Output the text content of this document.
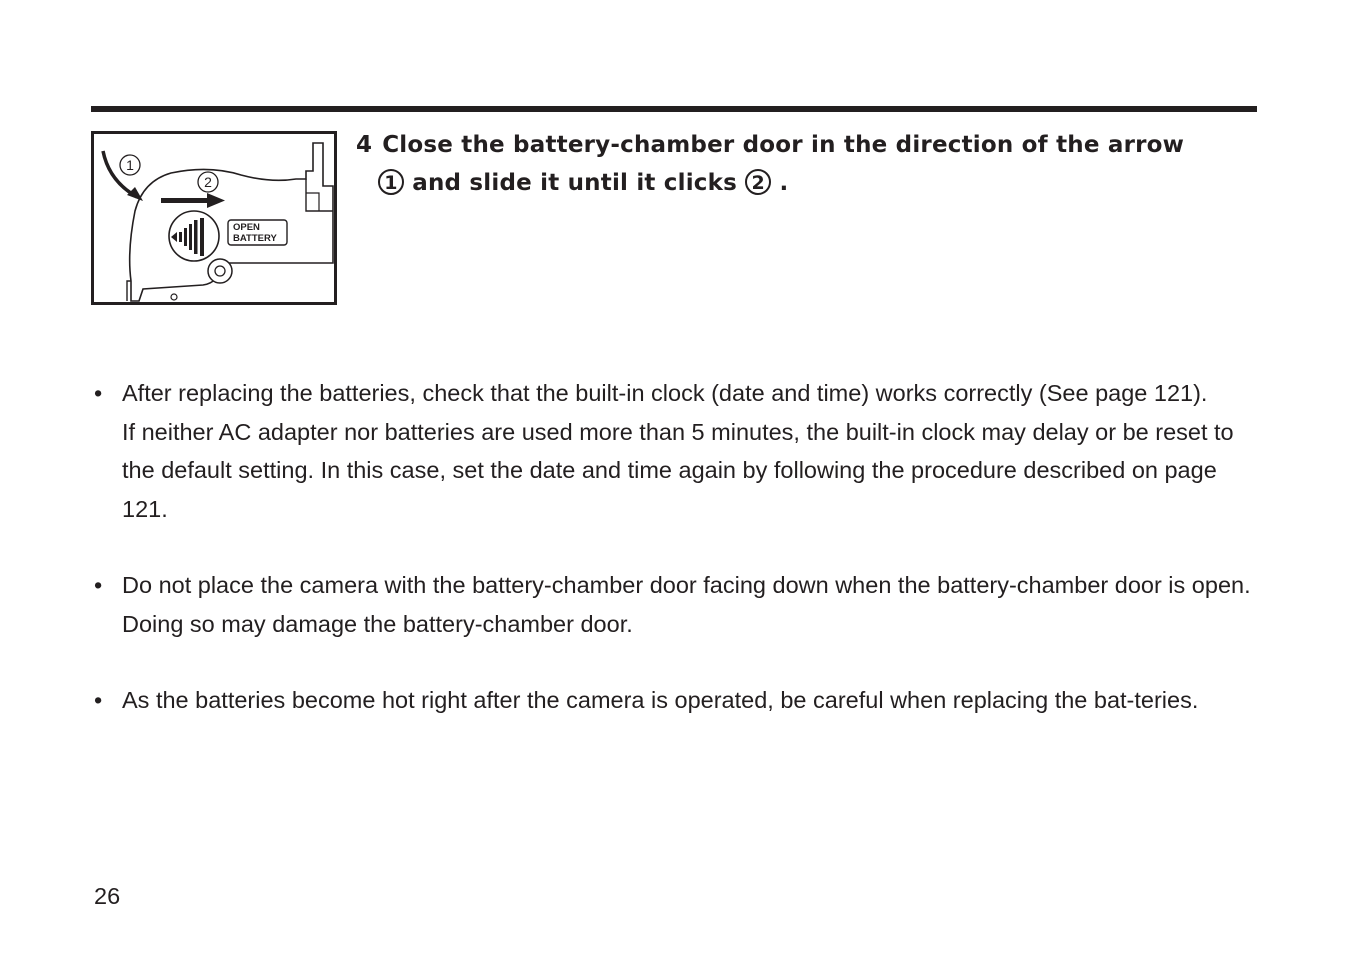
OPEN
BATTERY
1
2
4 Close the battery-chamber door in the direction of the arrow
1 and slide it until it clicks 2 .
• After replacing the batteries, check that the built-in clock (date and time) works correctly (See page 121).

If neither AC adapter nor batteries are used more than 5 minutes, the built-in clock may delay or be reset to the default setting. In this case, set the date and time again by following the procedure described on page 121.

• Do not place the camera with the battery-chamber door facing down when the battery-chamber door is open. Doing so may damage the battery-chamber door.

• As the batteries become hot right after the camera is operated, be careful when replacing the bat-teries.

26
